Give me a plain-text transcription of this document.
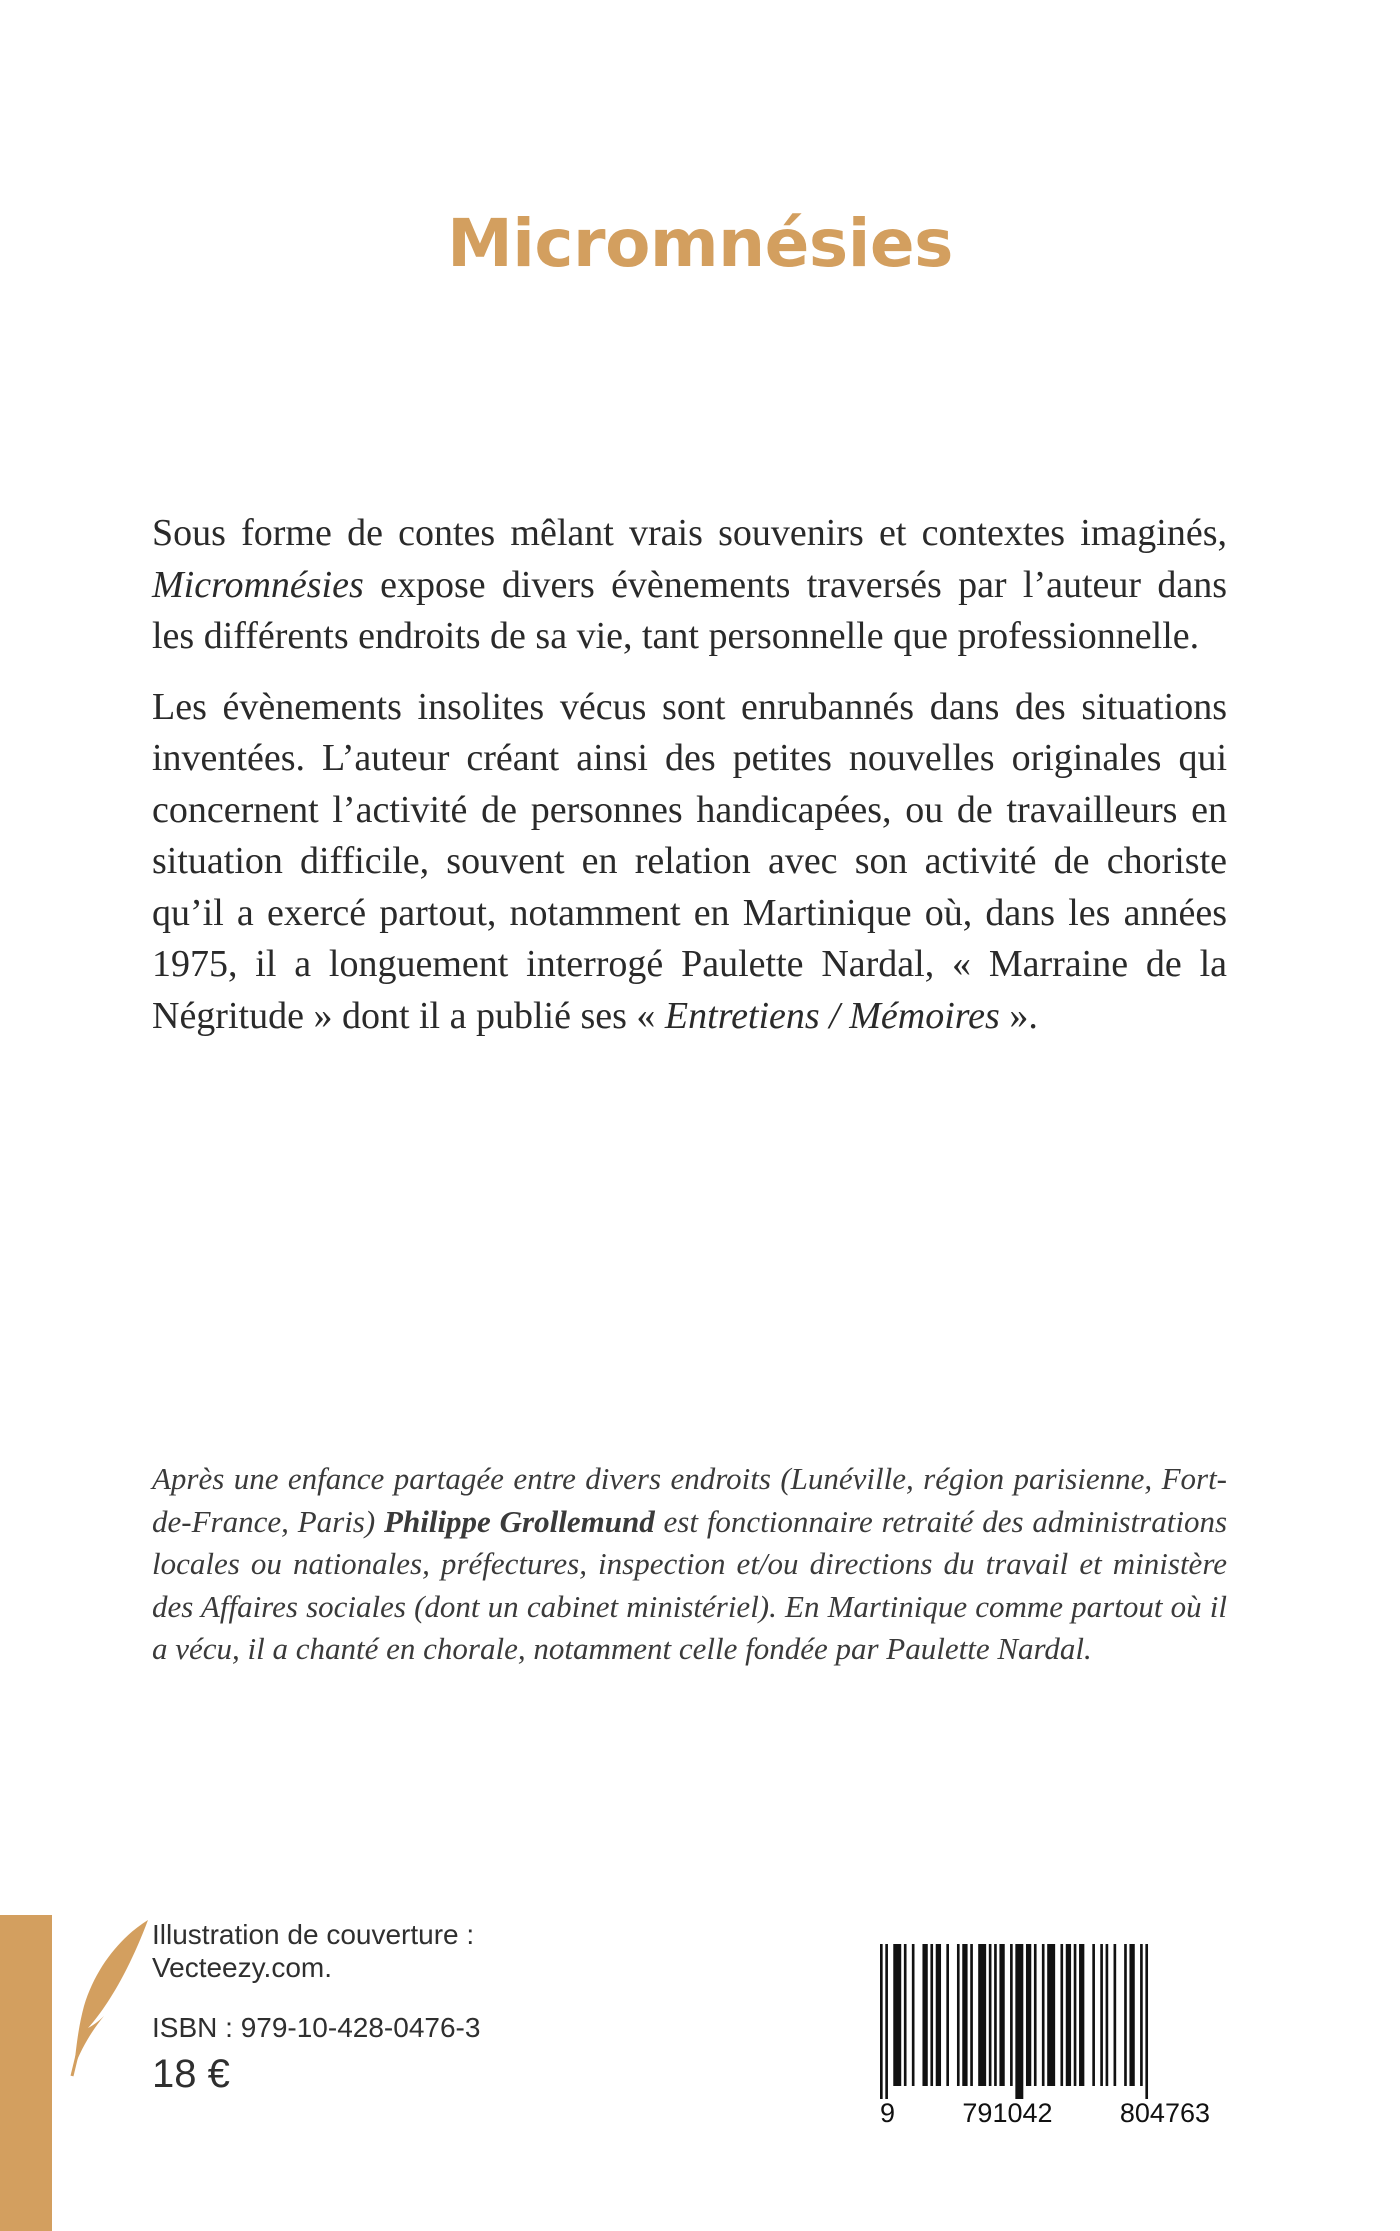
Micromnésies

Sous forme de contes mêlant vrais souvenirs et contextes imaginés, Micromnésies expose divers évènements traversés par l’auteur dans les différents endroits de sa vie, tant personnelle que professionnelle.

Les évènements insolites vécus sont enrubannés dans des situations inventées. L’auteur créant ainsi des petites nouvelles originales qui concernent l’activité de personnes handicapées, ou de travailleurs en situation difficile, souvent en relation avec son activité de choriste qu’il a exercé partout, notamment en Martinique où, dans les années 1975, il a longuement interrogé Paulette Nardal, « Marraine de la Négritude » dont il a publié ses « Entretiens / Mémoires ».

Après une enfance partagée entre divers endroits (Lunéville, région parisienne, Fort-de-France, Paris) Philippe Grollemund est fonctionnaire retraité des administrations locales ou nationales, préfectures, inspection et/ou directions du travail et ministère des Affaires sociales (dont un cabinet ministériel). En Martinique comme partout où il a vécu, il a chanté en chorale, notamment celle fondée par Paulette Nardal.
Illustration de couverture :
Vecteezy.com.
ISBN : 979-10-428-0476-3
18 €
9 791042 804763
